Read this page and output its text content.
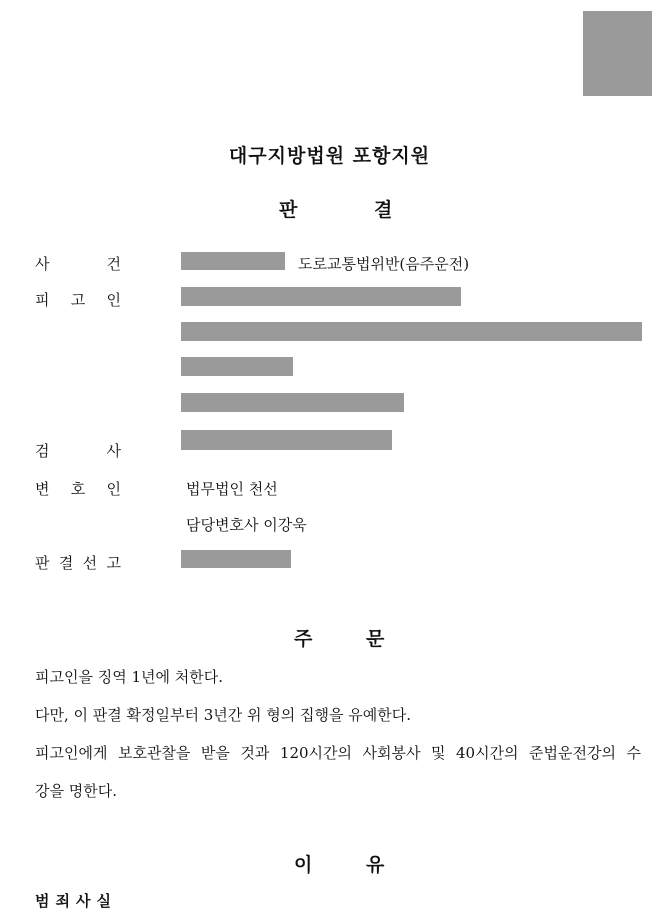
대구지방법원 포항지원
판	결
사	건	도로교통법위반(음주운전)
피 고 인
검	사
변 호 인	법무법인 천선
담당변호사 이강욱
판 결 선 고
주	문
피고인을 징역 1년에 처한다.
다만, 이 판결 확정일부터 3년간 위 형의 집행을 유예한다.
피고인에게 보호관찰을 받을 것과 120시간의 사회봉사 및 40시간의 준법운전강의 수
강을 명한다.
이	유
범죄사실
